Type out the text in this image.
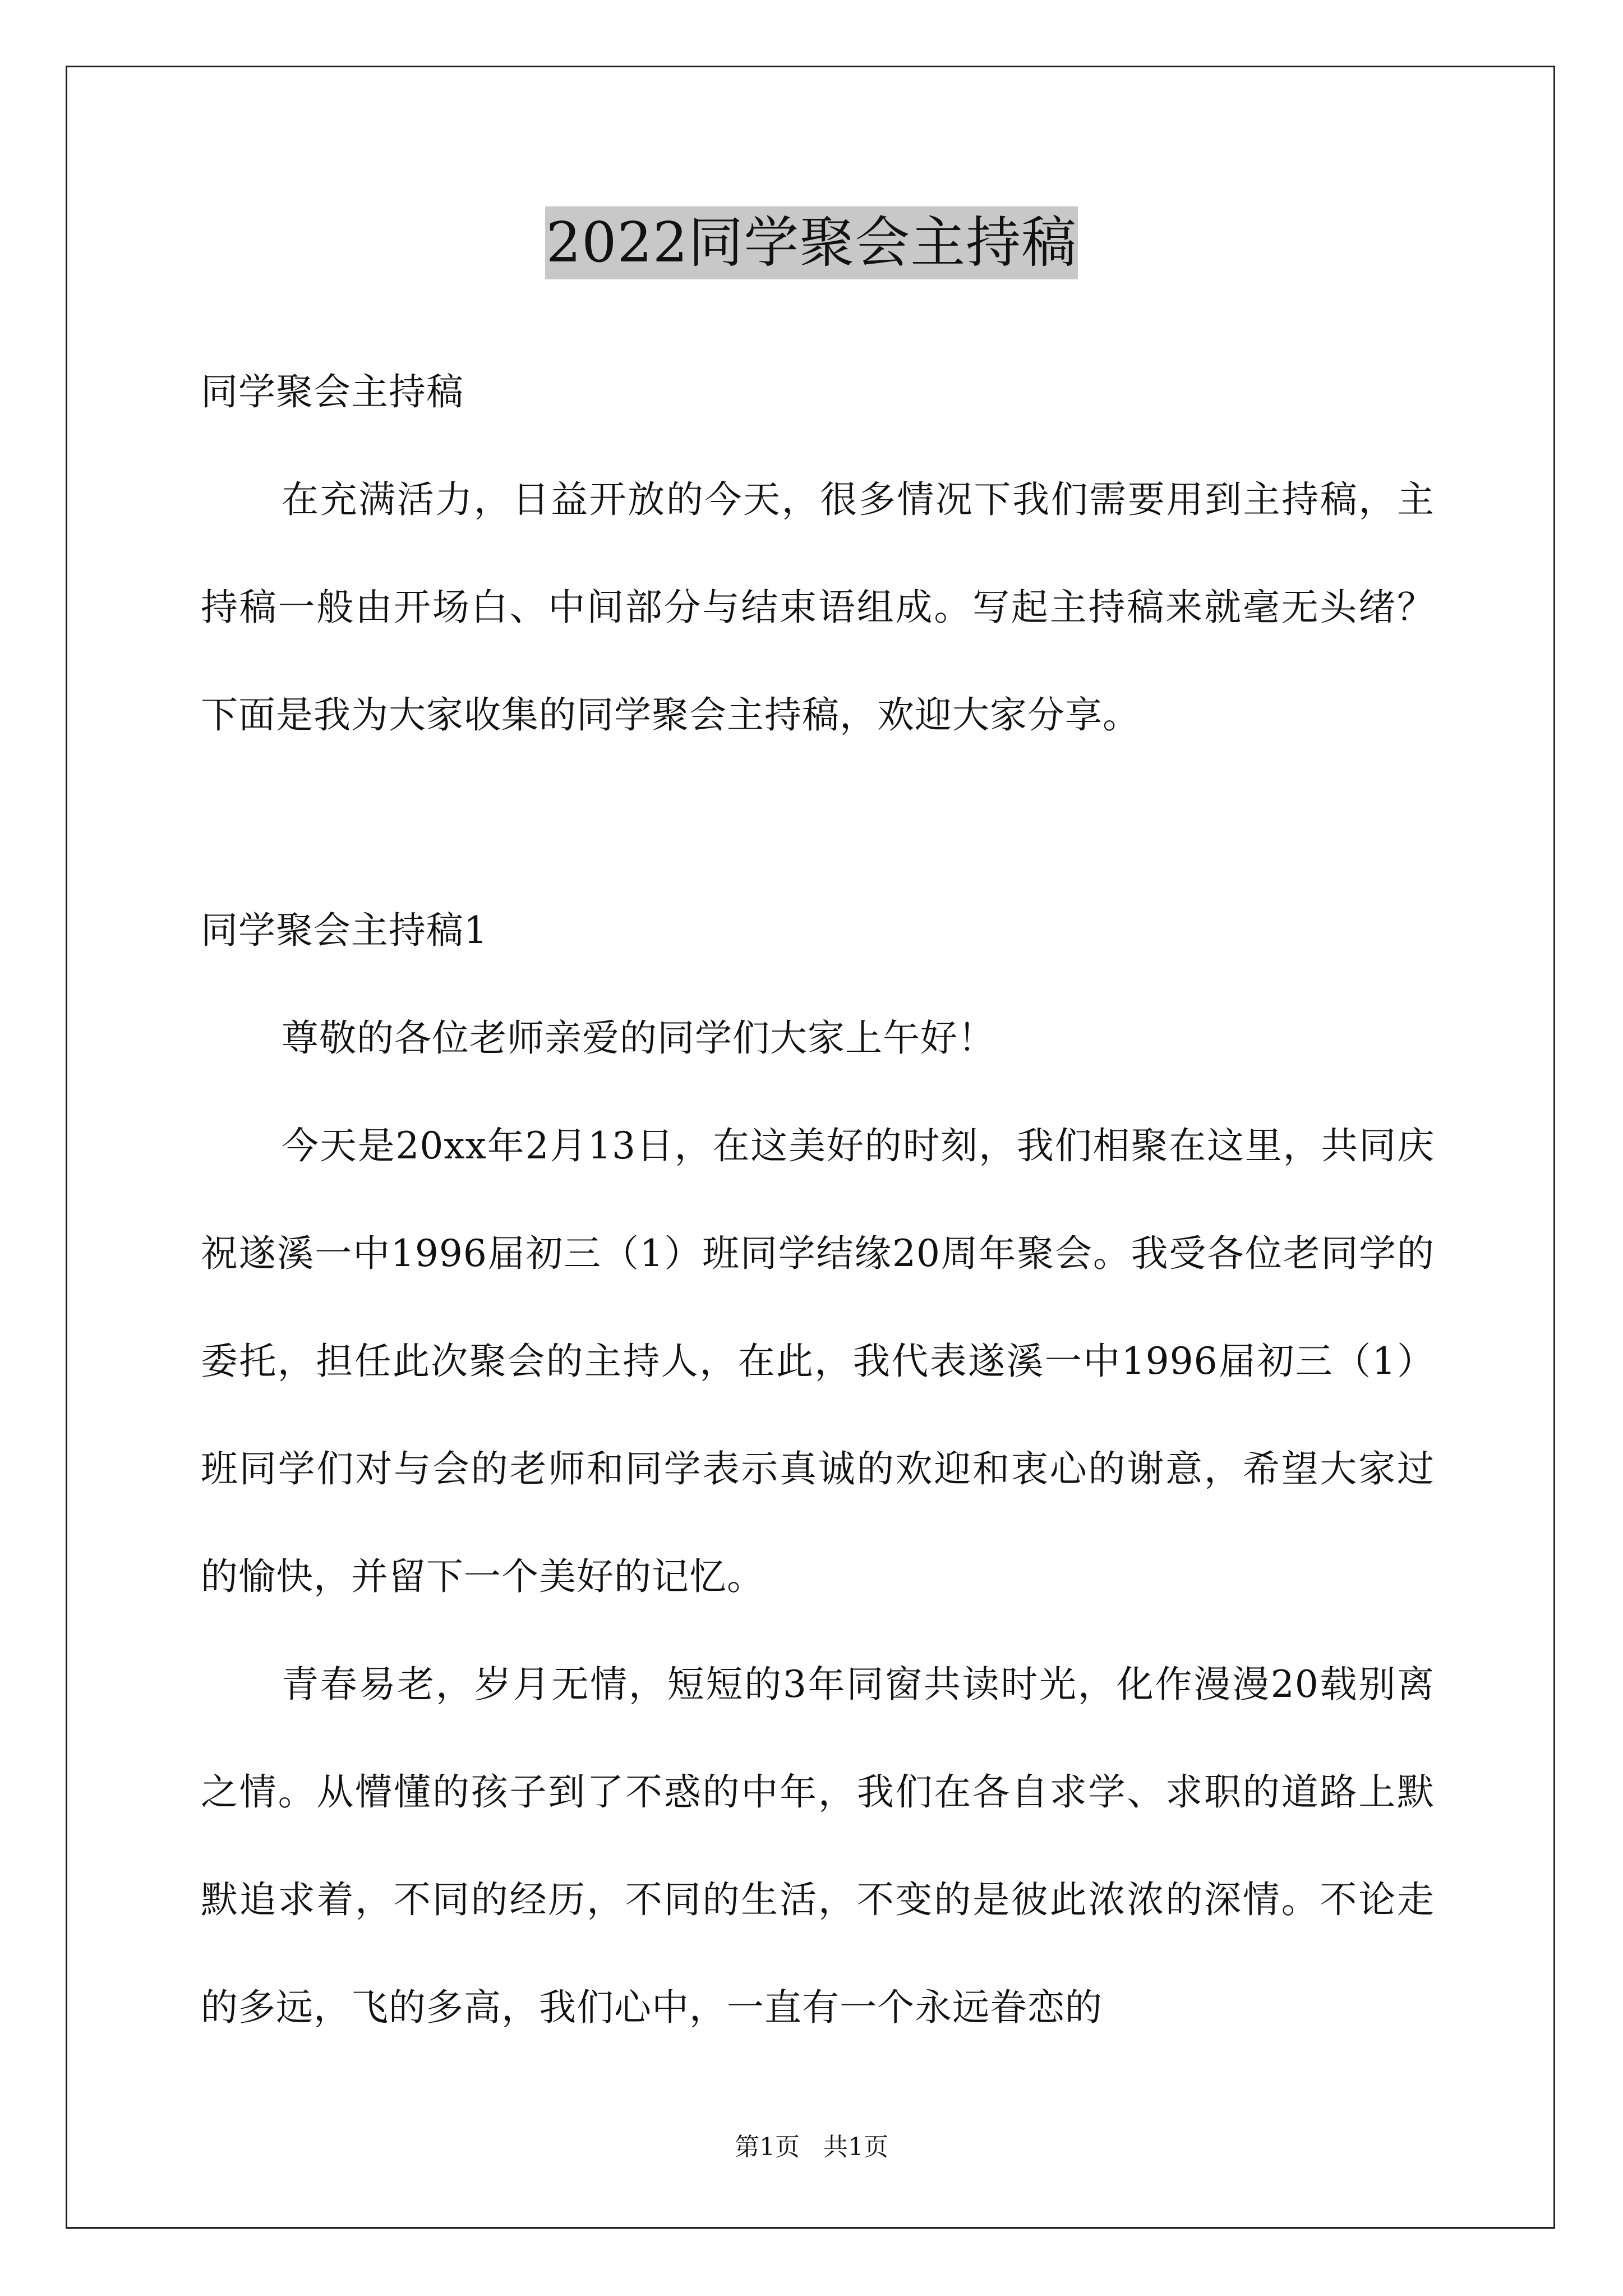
2022同学聚会主持稿

同学聚会主持稿

在充满活力，日益开放的今天，很多情况下我们需要用到主持稿，主持稿一般由开场白、中间部分与结束语组成。写起主持稿来就毫无头绪？下面是我为大家收集的同学聚会主持稿，欢迎大家分享。

同学聚会主持稿1

尊敬的各位老师亲爱的同学们大家上午好！

今天是20xx年2月13日，在这美好的时刻，我们相聚在这里，共同庆祝遂溪一中1996届初三（1）班同学结缘20周年聚会。我受各位老同学的委托，担任此次聚会的主持人，在此，我代表遂溪一中1996届初三（1）班同学们对与会的老师和同学表示真诚的欢迎和衷心的谢意，希望大家过的愉快，并留下一个美好的记忆。

青春易老，岁月无情，短短的3年同窗共读时光，化作漫漫20载别离之情。从懵懂的孩子到了不惑的中年，我们在各自求学、求职的道路上默默追求着，不同的经历，不同的生活，不变的是彼此浓浓的深情。不论走的多远，飞的多高，我们心中，一直有一个永远眷恋的

第1页   共1页
